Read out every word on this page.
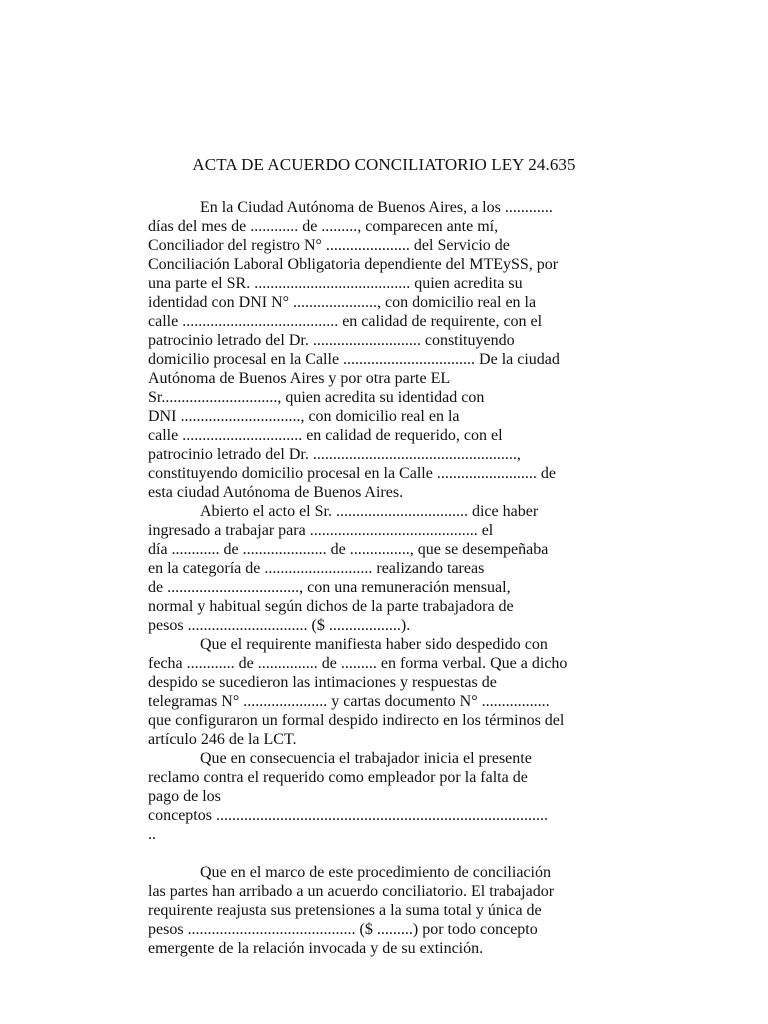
ACTA DE ACUERDO CONCILIATORIO LEY 24.635
En la Ciudad Autónoma de Buenos Aires, a los ............
días del mes de ............ de ........., comparecen ante mí,
Conciliador del registro N° ..................... del Servicio de
Conciliación Laboral Obligatoria dependiente del MTEySS, por
una parte el SR. ....................................... quien acredita su
identidad con DNI N° ....................., con domicilio real en la
calle ....................................... en calidad de requirente, con el
patrocinio letrado del Dr. ........................... constituyendo
domicilio procesal en la Calle ................................. De la ciudad
Autónoma de Buenos Aires y por otra parte EL
Sr............................., quien acredita su identidad con
DNI .............................., con domicilio real en la
calle .............................. en calidad de requerido, con el
patrocinio letrado del Dr. ...................................................,
constituyendo domicilio procesal en la Calle ......................... de
esta ciudad Autónoma de Buenos Aires.
Abierto el acto el Sr. ................................. dice haber
ingresado a trabajar para .......................................... el
día ............ de ..................... de ..............., que se desempeñaba
en la categoría de ........................... realizando tareas
de ................................., con una remuneración mensual,
normal y habitual según dichos de la parte trabajadora de
pesos .............................. ($ ..................).
Que el requirente manifiesta haber sido despedido con
fecha ............ de ............... de ......... en forma verbal. Que a dicho
despido se sucedieron las intimaciones y respuestas de
telegramas N° ..................... y cartas documento N° .................
que configuraron un formal despido indirecto en los términos del
artículo 246 de la LCT.
Que en consecuencia el trabajador inicia el presente
reclamo contra el requerido como empleador por la falta de
pago de los
conceptos ...................................................................................
..
Que en el marco de este procedimiento de conciliación
las partes han arribado a un acuerdo conciliatorio. El trabajador
requirente reajusta sus pretensiones a la suma total y única de
pesos .......................................... ($ .........) por todo concepto
emergente de la relación invocada y de su extinción.
